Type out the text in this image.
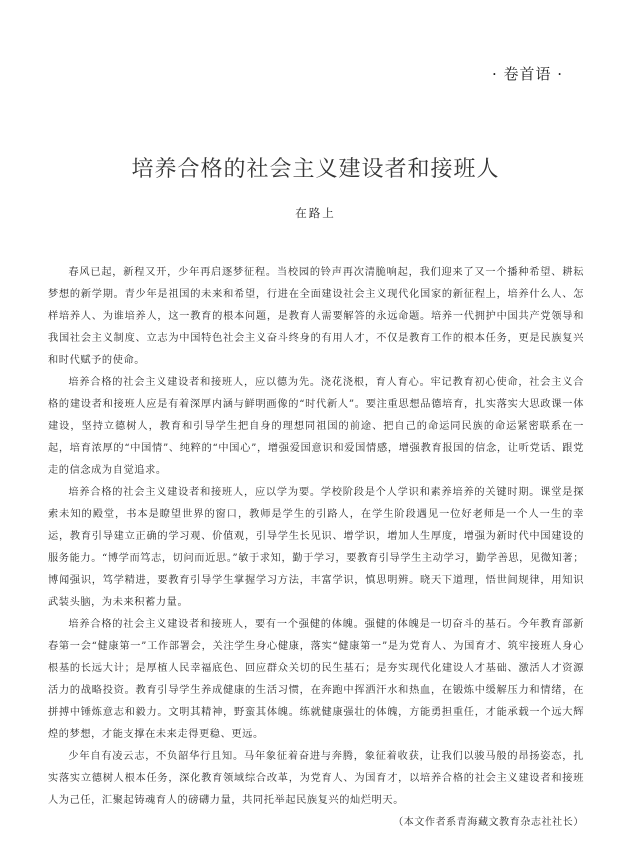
· 卷首语 ·
培养合格的社会主义建设者和接班人
在路上

春风已起，新程又开，少年再启逐梦征程。当校园的铃声再次清脆响起，我们迎来了又一个播种希望、耕耘梦想的新学期。青少年是祖国的未来和希望，行进在全面建设社会主义现代化国家的新征程上，培养什么人、怎样培养人、为谁培养人，这一教育的根本问题，是教育人需要解答的永远命题。培养一代拥护中国共产党领导和我国社会主义制度、立志为中国特色社会主义奋斗终身的有用人才，不仅是教育工作的根本任务，更是民族复兴和时代赋予的使命。

培养合格的社会主义建设者和接班人，应以德为先。浇花浇根，育人育心。牢记教育初心使命，社会主义合格的建设者和接班人应是有着深厚内涵与鲜明画像的“时代新人”。要注重思想品德培育，扎实落实大思政课一体建设，坚持立德树人，教育和引导学生把自身的理想同祖国的前途、把自己的命运同民族的命运紧密联系在一起，培育浓厚的“中国情”、纯粹的“中国心”，增强爱国意识和爱国情感，增强教育报国的信念，让听党话、跟党走的信念成为自觉追求。

培养合格的社会主义建设者和接班人，应以学为要。学校阶段是个人学识和素养培养的关键时期。课堂是探索未知的殿堂，书本是瞭望世界的窗口，教师是学生的引路人，在学生阶段遇见一位好老师是一个人一生的幸运，教育引导建立正确的学习观、价值观，引导学生长见识、增学识，增加人生厚度，增强为新时代中国建设的服务能力。“博学而笃志，切问而近思。”敏于求知，勤于学习，要教育引导学生主动学习，勤学善思，见微知著；博闻强识，笃学精进，要教育引导学生掌握学习方法，丰富学识，慎思明辨。晓天下道理，悟世间规律，用知识武装头脑，为未来积蓄力量。

培养合格的社会主义建设者和接班人，要有一个强健的体魄。强健的体魄是一切奋斗的基石。今年教育部新春第一会“健康第一”工作部署会，关注学生身心健康，落实“健康第一”是为党育人、为国育才、筑牢接班人身心根基的长远大计；是厚植人民幸福底色、回应群众关切的民生基石；是夯实现代化建设人才基础、激活人才资源活力的战略投资。教育引导学生养成健康的生活习惯，在奔跑中挥洒汗水和热血，在锻炼中缓解压力和情绪，在拼搏中锤炼意志和毅力。文明其精神，野蛮其体魄。练就健康强壮的体魄，方能勇担重任，才能承载一个远大辉煌的梦想，才能支撑在未来走得更稳、更远。

少年自有凌云志，不负韶华行且知。马年象征着奋进与奔腾，象征着收获，让我们以骏马般的昂扬姿态，扎实落实立德树人根本任务，深化教育领域综合改革，为党育人、为国育才，以培养合格的社会主义建设者和接班人为己任，汇聚起铸魂育人的磅礴力量，共同托举起民族复兴的灿烂明天。

（本文作者系青海藏文教育杂志社社长）
